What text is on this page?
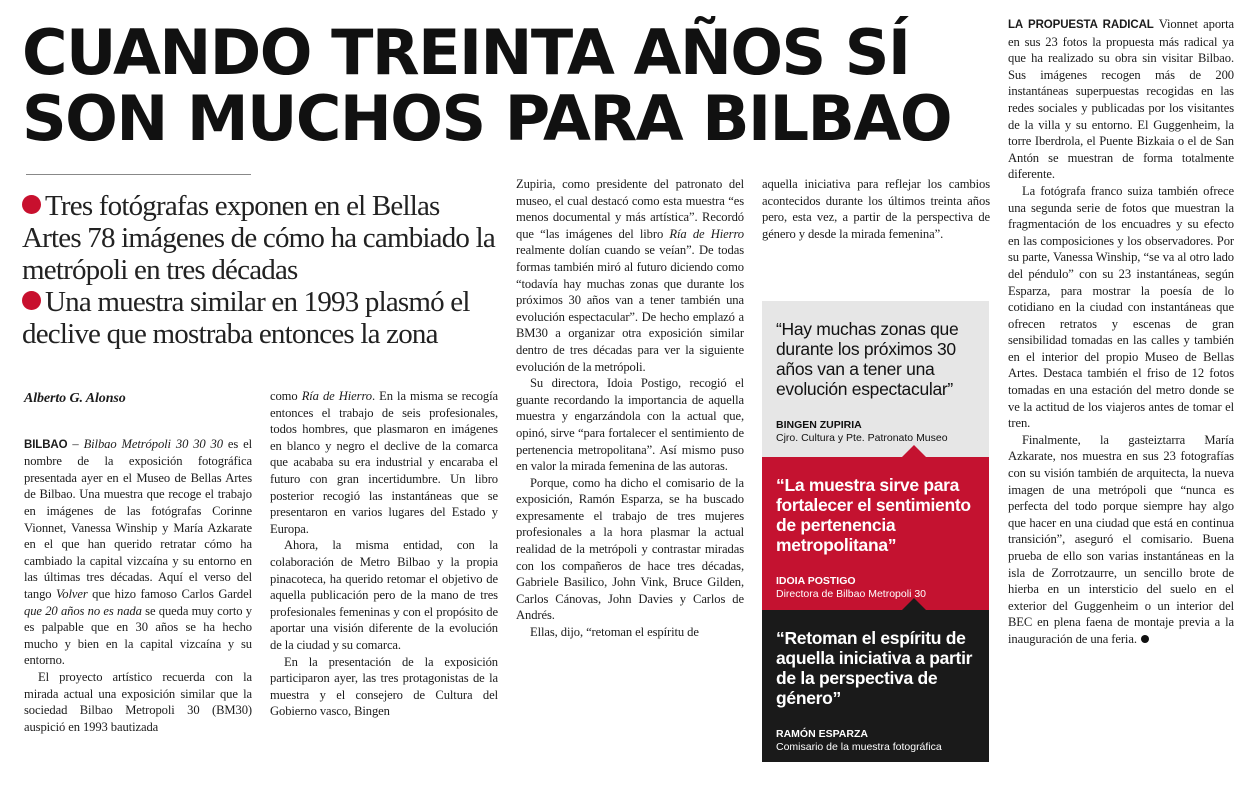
CUANDO TREINTA AÑOS SÍ
SON MUCHOS PARA BILBAO
Tres fotógrafas exponen en el Bellas Artes 78 imágenes de cómo ha cambiado la metrópoli en tres décadas
Una muestra similar en 1993 plasmó el declive que mostraba entonces la zona

Alberto G. Alonso

BILBAO – Bilbao Metrópoli 30 30 30 es el nombre de la exposición fotográfica presentada ayer en el Museo de Bellas Artes de Bilbao. Una muestra que recoge el trabajo en imágenes de las fotógrafas Corinne Vionnet, Vanessa Winship y María Azkarate en el que han querido retratar cómo ha cambiado la capital vizcaína y su entorno en las últimas tres décadas. Aquí el verso del tango Volver que hizo famoso Carlos Gardel que 20 años no es nada se queda muy corto y es palpable que en 30 años se ha hecho mucho y bien en la capital vizcaína y su entorno.

El proyecto artístico recuerda con la mirada actual una exposición similar que la sociedad Bilbao Metropoli 30 (BM30) auspició en 1993 bautizada

como Ría de Hierro. En la misma se recogía entonces el trabajo de seis profesionales, todos hombres, que plasmaron en imágenes en blanco y negro el declive de la comarca que acababa su era industrial y encaraba el futuro con gran incertidumbre. Un libro posterior recogió las instantáneas que se presentaron en varios lugares del Estado y Europa.

Ahora, la misma entidad, con la colaboración de Metro Bilbao y la propia pinacoteca, ha querido retomar el objetivo de aquella publicación pero de la mano de tres profesionales femeninas y con el propósito de aportar una visión diferente de la evolución de la ciudad y su comarca.

En la presentación de la exposición participaron ayer, las tres protagonistas de la muestra y el consejero de Cultura del Gobierno vasco, Bingen

Zupiria, como presidente del patronato del museo, el cual destacó como esta muestra “es menos documental y más artística”. Recordó que “las imágenes del libro Ría de Hierro realmente dolían cuando se veían”. De todas formas también miró al futuro diciendo como “todavía hay muchas zonas que durante los próximos 30 años van a tener también una evolución espectacular”. De hecho emplazó a BM30 a organizar otra exposición similar dentro de tres décadas para ver la siguiente evolución de la metrópoli.

Su directora, Idoia Postigo, recogió el guante recordando la importancia de aquella muestra y engarzándola con la actual que, opinó, sirve “para fortalecer el sentimiento de pertenencia metropolitana”. Así mismo puso en valor la mirada femenina de las autoras.

Porque, como ha dicho el comisario de la exposición, Ramón Esparza, se ha buscado expresamente el trabajo de tres mujeres profesionales a la hora plasmar la actual realidad de la metrópoli y contrastar miradas con los compañeros de hace tres décadas, Gabriele Basilico, John Vink, Bruce Gilden, Carlos Cánovas, John Davies y Carlos de Andrés.

Ellas, dijo, “retoman el espíritu de

aquella iniciativa para reflejar los cambios acontecidos durante los últimos treinta años pero, esta vez, a partir de la perspectiva de género y desde la mirada femenina”.

“Hay muchas zonas que durante los próximos 30 años van a tener una evolución espectacular”

BINGEN ZUPIRIA

Cjro. Cultura y Pte. Patronato Museo

“La muestra sirve para fortalecer el sentimiento de pertenencia metropolitana”

IDOIA POSTIGO

Directora de Bilbao Metropoli 30

“Retoman el espíritu de aquella iniciativa a partir de la perspectiva de género”

RAMÓN ESPARZA

Comisario de la muestra fotográfica

LA PROPUESTA RADICAL Vionnet aporta en sus 23 fotos la propuesta más radical ya que ha realizado su obra sin visitar Bilbao. Sus imágenes recogen más de 200 instantáneas superpuestas recogidas en las redes sociales y publicadas por los visitantes de la villa y su entorno. El Guggenheim, la torre Iberdrola, el Puente Bizkaia o el de San Antón se muestran de forma totalmente diferente.

La fotógrafa franco suiza también ofrece una segunda serie de fotos que muestran la fragmentación de los encuadres y su efecto en las composiciones y los observadores. Por su parte, Vanessa Winship, “se va al otro lado del péndulo” con su 23 instantáneas, según Esparza, para mostrar la poesía de lo cotidiano en la ciudad con instantáneas que ofrecen retratos y escenas de gran sensibilidad tomadas en las calles y también en el interior del propio Museo de Bellas Artes. Destaca también el friso de 12 fotos tomadas en una estación del metro donde se ve la actitud de los viajeros antes de tomar el tren.

Finalmente, la gasteiztarra María Azkarate, nos muestra en sus 23 fotografías con su visión también de arquitecta, la nueva imagen de una metrópoli que “nunca es perfecta del todo porque siempre hay algo que hacer en una ciudad que está en continua transición”, aseguró el comisario. Buena prueba de ello son varias instantáneas en la isla de Zorrotzaurre, un sencillo brote de hierba en un intersticio del suelo en el exterior del Guggenheim o un interior del BEC en plena faena de montaje previa a la inauguración de una feria.
